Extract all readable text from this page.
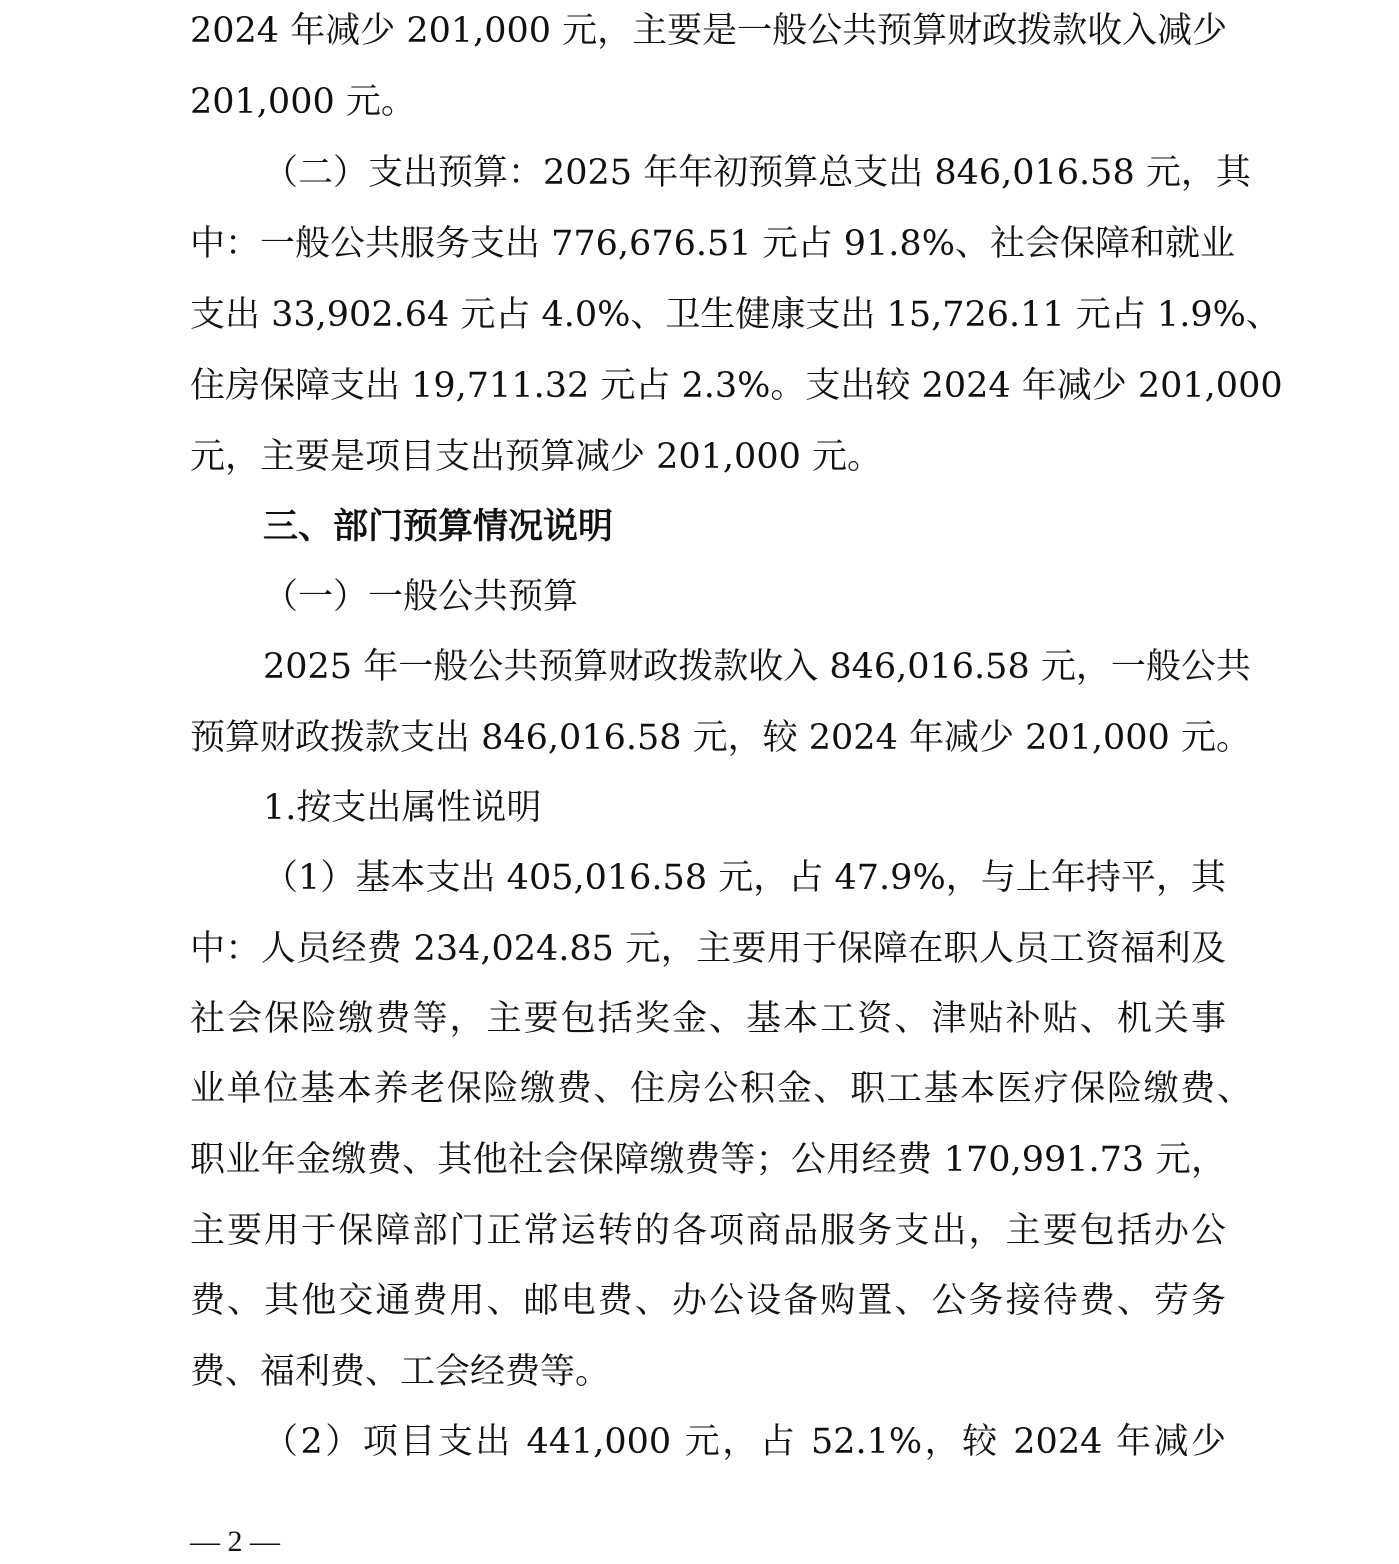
2024 年减少 201,000 元，主要是一般公共预算财政拨款收入减少
201,000 元。
（二）支出预算：2025 年年初预算总支出 846,016.58 元，其
中：一般公共服务支出 776,676.51 元占 91.8%、社会保障和就业
支出 33,902.64 元占 4.0%、卫生健康支出 15,726.11 元占 1.9%、
住房保障支出 19,711.32 元占 2.3%。支出较 2024 年减少 201,000
元，主要是项目支出预算减少 201,000 元。
三、部门预算情况说明
（一）一般公共预算
2025 年一般公共预算财政拨款收入 846,016.58 元，一般公共
预算财政拨款支出 846,016.58 元，较 2024 年减少 201,000 元。
1.按支出属性说明
（1）基本支出 405,016.58 元，占 47.9%，与上年持平，其
中：人员经费 234,024.85 元，主要用于保障在职人员工资福利及
社会保险缴费等，主要包括奖金、基本工资、津贴补贴、机关事
业单位基本养老保险缴费、住房公积金、职工基本医疗保险缴费、
职业年金缴费、其他社会保障缴费等；公用经费 170,991.73 元，
主要用于保障部门正常运转的各项商品服务支出，主要包括办公
费、其他交通费用、邮电费、办公设备购置、公务接待费、劳务
费、福利费、工会经费等。
（2）项目支出 441,000 元，占 52.1%，较 2024 年减少
— 2 —
